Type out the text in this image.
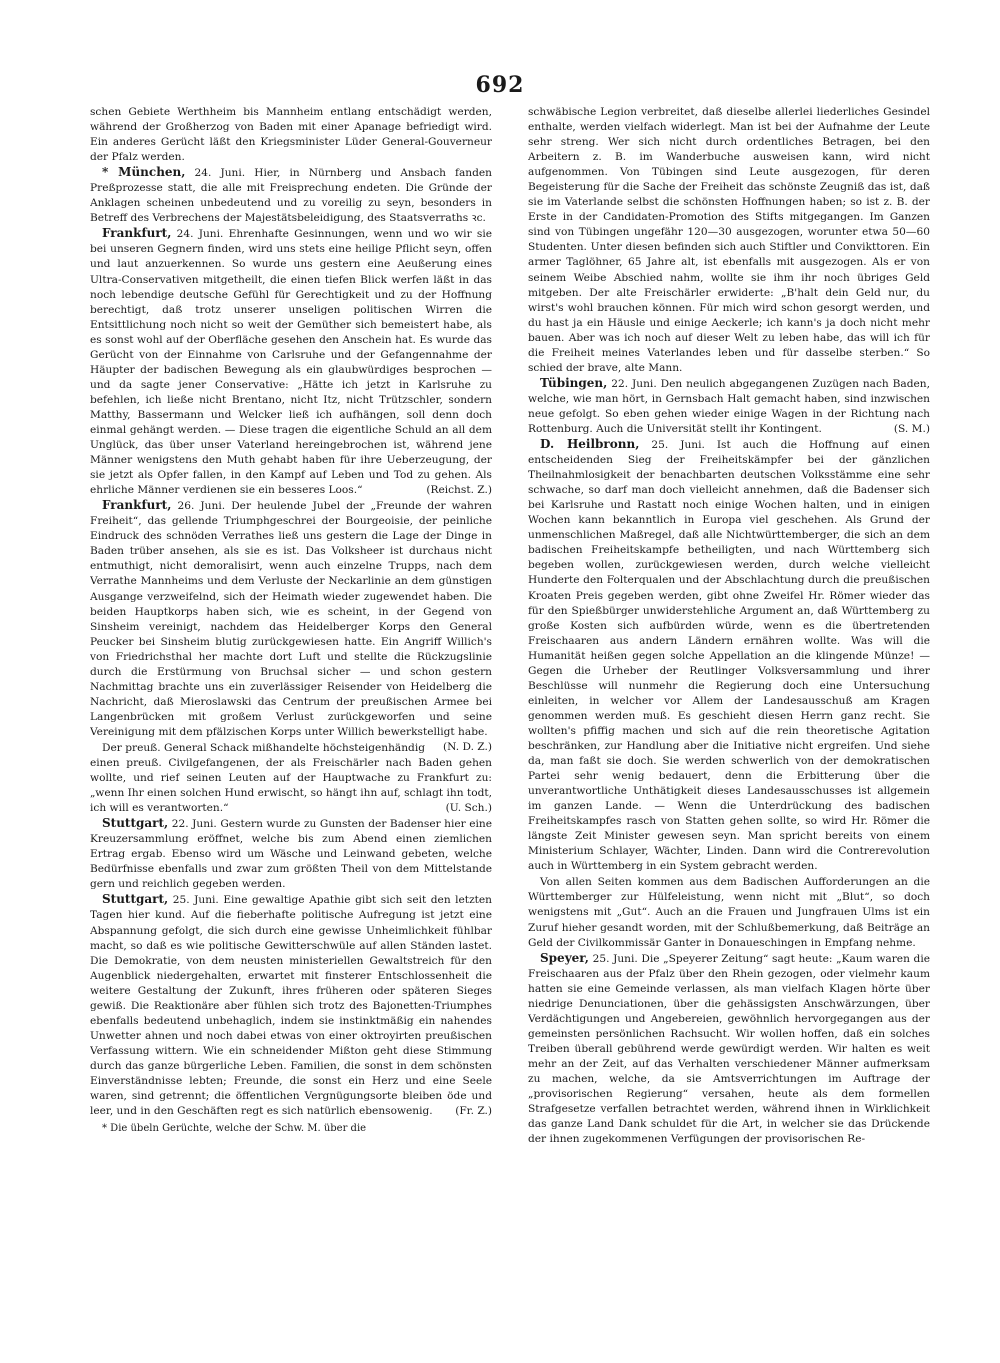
692

schen Gebiete Werthheim bis Mannheim entlang entschädigt werden, während der Großherzog von Baden mit einer Apanage befriedigt wird. Ein anderes Gerücht läßt den Kriegsminister Lüder General-Gouverneur der Pfalz werden.

* München, 24. Juni. Hier, in Nürnberg und Ansbach fanden Preßprozesse statt, die alle mit Freisprechung endeten. Die Gründe der Anklagen scheinen unbedeutend und zu voreilig zu seyn, besonders in Betreff des Verbrechens der Majestätsbeleidigung, des Staatsverraths ꝛc.

Frankfurt, 24. Juni. Ehrenhafte Gesinnungen, wenn und wo wir sie bei unseren Gegnern finden, wird uns stets eine heilige Pflicht seyn, offen und laut anzuerkennen. So wurde uns gestern eine Aeußerung eines Ultra-Conservativen mitgetheilt, die einen tiefen Blick werfen läßt in das noch lebendige deutsche Gefühl für Gerechtigkeit und zu der Hoffnung berechtigt, daß trotz unserer unseligen politischen Wirren die Entsittlichung noch nicht so weit der Gemüther sich bemeistert habe, als es sonst wohl auf der Oberfläche gesehen den Anschein hat. Es wurde das Gerücht von der Einnahme von Carlsruhe und der Gefangennahme der Häupter der badischen Bewegung als ein glaubwürdiges besprochen — und da sagte jener Conservative: „Hätte ich jetzt in Karlsruhe zu befehlen, ich ließe nicht Brentano, nicht Itz, nicht Trützschler, sondern Matthy, Bassermann und Welcker ließ ich aufhängen, soll denn doch einmal gehängt werden. — Diese tragen die eigentliche Schuld an all dem Unglück, das über unser Vaterland hereingebrochen ist, während jene Männer wenigstens den Muth gehabt haben für ihre Ueberzeugung, der sie jetzt als Opfer fallen, in den Kampf auf Leben und Tod zu gehen. Als ehrliche Männer verdienen sie ein besseres Loos.“	(Reichst. Z.)

Frankfurt, 26. Juni. Der heulende Jubel der „Freunde der wahren Freiheit“, das gellende Triumphgeschrei der Bourgeoisie, der peinliche Eindruck des schnöden Verrathes ließ uns gestern die Lage der Dinge in Baden trüber ansehen, als sie es ist. Das Volksheer ist durchaus nicht entmuthigt, nicht demoralisirt, wenn auch einzelne Trupps, nach dem Verrathe Mannheims und dem Verluste der Neckarlinie an dem günstigen Ausgange verzweifelnd, sich der Heimath wieder zugewendet haben. Die beiden Hauptkorps haben sich, wie es scheint, in der Gegend von Sinsheim vereinigt, nachdem das Heidelberger Korps den General Peucker bei Sinsheim blutig zurückgewiesen hatte. Ein Angriff Willich's von Friedrichsthal her machte dort Luft und stellte die Rückzugslinie durch die Erstürmung von Bruchsal sicher — und schon gestern Nachmittag brachte uns ein zuverlässiger Reisender von Heidelberg die Nachricht, daß Mieroslawski das Centrum der preußischen Armee bei Langenbrücken mit großem Verlust zurückgeworfen und seine Vereinigung mit dem pfälzischen Korps unter Willich bewerkstelligt habe.
(N. D. Z.)

Der preuß. General Schack mißhandelte höchsteigenhändig einen preuß. Civilgefangenen, der als Freischärler nach Baden gehen wollte, und rief seinen Leuten auf der Hauptwache zu Frankfurt zu: „wenn Ihr einen solchen Hund erwischt, so hängt ihn auf, schlagt ihn todt, ich will es verantworten.“	(U. Sch.)

Stuttgart, 22. Juni. Gestern wurde zu Gunsten der Badenser hier eine Kreuzersammlung eröffnet, welche bis zum Abend einen ziemlichen Ertrag ergab. Ebenso wird um Wäsche und Leinwand gebeten, welche Bedürfnisse ebenfalls und zwar zum größten Theil von dem Mittelstande gern und reichlich gegeben werden.

Stuttgart, 25. Juni. Eine gewaltige Apathie gibt sich seit den letzten Tagen hier kund. Auf die fieberhafte politische Aufregung ist jetzt eine Abspannung gefolgt, die sich durch eine gewisse Unheimlichkeit fühlbar macht, so daß es wie politische Gewitterschwüle auf allen Ständen lastet. Die Demokratie, von dem neusten ministeriellen Gewaltstreich für den Augenblick niedergehalten, erwartet mit finsterer Entschlossenheit die weitere Gestaltung der Zukunft, ihres früheren oder späteren Sieges gewiß. Die Reaktionäre aber fühlen sich trotz des Bajonetten-Triumphes ebenfalls bedeutend unbehaglich, indem sie instinktmäßig ein nahendes Unwetter ahnen und noch dabei etwas von einer oktroyirten preußischen Verfassung wittern. Wie ein schneidender Mißton geht diese Stimmung durch das ganze bürgerliche Leben. Familien, die sonst in dem schönsten Einverständnisse lebten; Freunde, die sonst ein Herz und eine Seele waren, sind getrennt; die öffentlichen Vergnügungsorte bleiben öde und leer, und in den Geschäften regt es sich natürlich ebensowenig.	(Fr. Z.)

* Die übeln Gerüchte, welche der Schw. M. über die

schwäbische Legion verbreitet, daß dieselbe allerlei liederliches Gesindel enthalte, werden vielfach widerlegt. Man ist bei der Aufnahme der Leute sehr streng. Wer sich nicht durch ordentliches Betragen, bei den Arbeitern z. B. im Wanderbuche ausweisen kann, wird nicht aufgenommen. Von Tübingen sind Leute ausgezogen, für deren Begeisterung für die Sache der Freiheit das schönste Zeugniß das ist, daß sie im Vaterlande selbst die schönsten Hoffnungen haben; so ist z. B. der Erste in der Candidaten-Promotion des Stifts mitgegangen. Im Ganzen sind von Tübingen ungefähr 120—30 ausgezogen, worunter etwa 50—60 Studenten. Unter diesen befinden sich auch Stiftler und Convikttoren. Ein armer Taglöhner, 65 Jahre alt, ist ebenfalls mit ausgezogen. Als er von seinem Weibe Abschied nahm, wollte sie ihm ihr noch übriges Geld mitgeben. Der alte Freischärler erwiderte: „B'halt dein Geld nur, du wirst's wohl brauchen können. Für mich wird schon gesorgt werden, und du hast ja ein Häusle und einige Aeckerle; ich kann's ja doch nicht mehr bauen. Aber was ich noch auf dieser Welt zu leben habe, das will ich für die Freiheit meines Vaterlandes leben und für dasselbe sterben.“ So schied der brave, alte Mann.

Tübingen, 22. Juni. Den neulich abgegangenen Zuzügen nach Baden, welche, wie man hört, in Gernsbach Halt gemacht haben, sind inzwischen neue gefolgt. So eben gehen wieder einige Wagen in der Richtung nach Rottenburg. Auch die Universität stellt ihr Kontingent.	(S. M.)

D. Heilbronn, 25. Juni. Ist auch die Hoffnung auf einen entscheidenden Sieg der Freiheitskämpfer bei der gänzlichen Theilnahmlosigkeit der benachbarten deutschen Volksstämme eine sehr schwache, so darf man doch vielleicht annehmen, daß die Badenser sich bei Karlsruhe und Rastatt noch einige Wochen halten, und in einigen Wochen kann bekanntlich in Europa viel geschehen. Als Grund der unmenschlichen Maßregel, daß alle Nichtwürttemberger, die sich an dem badischen Freiheitskampfe betheiligten, und nach Württemberg sich begeben wollen, zurückgewiesen werden, durch welche vielleicht Hunderte den Folterqualen und der Abschlachtung durch die preußischen Kroaten Preis gegeben werden, gibt ohne Zweifel Hr. Römer wieder das für den Spießbürger unwiderstehliche Argument an, daß Württemberg zu große Kosten sich aufbürden würde, wenn es die übertretenden Freischaaren aus andern Ländern ernähren wollte. Was will die Humanität heißen gegen solche Appellation an die klingende Münze! — Gegen die Urheber der Reutlinger Volksversammlung und ihrer Beschlüsse will nunmehr die Regierung doch eine Untersuchung einleiten, in welcher vor Allem der Landesausschuß am Kragen genommen werden muß. Es geschieht diesen Herrn ganz recht. Sie wollten's pfiffig machen und sich auf die rein theoretische Agitation beschränken, zur Handlung aber die Initiative nicht ergreifen. Und siehe da, man faßt sie doch. Sie werden schwerlich von der demokratischen Partei sehr wenig bedauert, denn die Erbitterung über die unverantwortliche Unthätigkeit dieses Landesausschusses ist allgemein im ganzen Lande. — Wenn die Unterdrückung des badischen Freiheitskampfes rasch von Statten gehen sollte, so wird Hr. Römer die längste Zeit Minister gewesen seyn. Man spricht bereits von einem Ministerium Schlayer, Wächter, Linden. Dann wird die Contrerevolution auch in Württemberg in ein System gebracht werden.

Von allen Seiten kommen aus dem Badischen Aufforderungen an die Württemberger zur Hülfeleistung, wenn nicht mit „Blut“, so doch wenigstens mit „Gut“. Auch an die Frauen und Jungfrauen Ulms ist ein Zuruf hieher gesandt worden, mit der Schlußbemerkung, daß Beiträge an Geld der Civilkommissär Ganter in Donaueschingen in Empfang nehme.

Speyer, 25. Juni. Die „Speyerer Zeitung“ sagt heute: „Kaum waren die Freischaaren aus der Pfalz über den Rhein gezogen, oder vielmehr kaum hatten sie eine Gemeinde verlassen, als man vielfach Klagen hörte über niedrige Denunciationen, über die gehässigsten Anschwärzungen, über Verdächtigungen und Angebereien, gewöhnlich hervorgegangen aus der gemeinsten persönlichen Rachsucht. Wir wollen hoffen, daß ein solches Treiben überall gebührend werde gewürdigt werden. Wir halten es weit mehr an der Zeit, auf das Verhalten verschiedener Männer aufmerksam zu machen, welche, da sie Amtsverrichtungen im Auftrage der „provisorischen Regierung“ versahen, heute als dem formellen Strafgesetze verfallen betrachtet werden, während ihnen in Wirklichkeit das ganze Land Dank schuldet für die Art, in welcher sie das Drückende der ihnen zugekommenen Verfügungen der provisorischen Re-
